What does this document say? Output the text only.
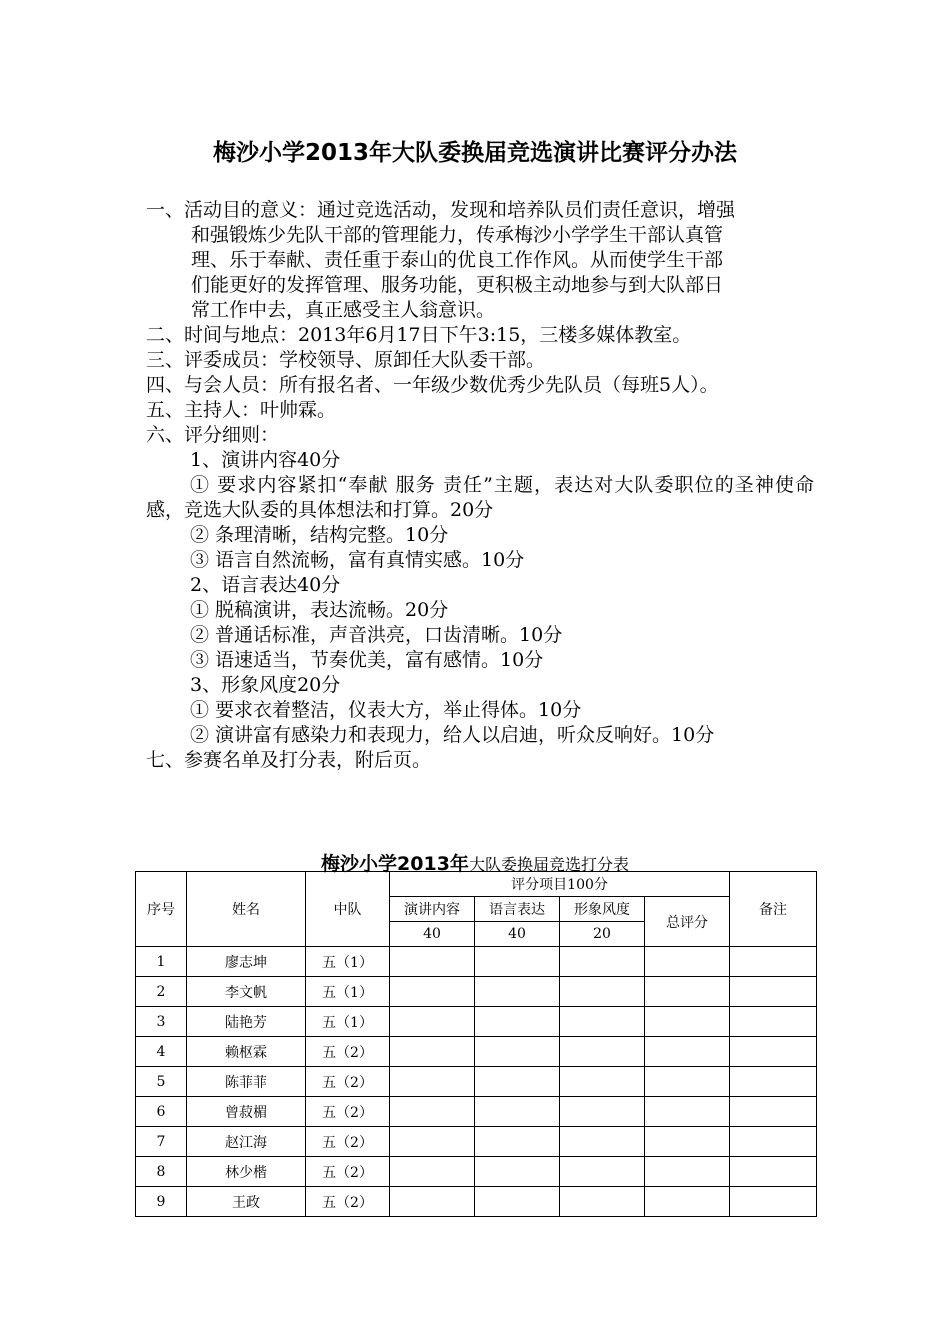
梅沙小学2013年大队委换届竞选演讲比赛评分办法
一、活动目的意义：通过竞选活动，发现和培养队员们责任意识，增强
和强锻炼少先队干部的管理能力，传承梅沙小学学生干部认真管
理、乐于奉献、责任重于泰山的优良工作作风。从而使学生干部
们能更好的发挥管理、服务功能，更积极主动地参与到大队部日
常工作中去，真正感受主人翁意识。
二、时间与地点：2013年6月17日下午3:15，三楼多媒体教室。
三、评委成员：学校领导、原卸任大队委干部。
四、与会人员：所有报名者、一年级少数优秀少先队员（每班5人）。
五、主持人：叶帅霖。
六、评分细则：
1、演讲内容40分
① 要求内容紧扣“奉献 服务 责任”主题，表达对大队委职位的圣神使命感，竞选大队委的具体想法和打算。20分
② 条理清晰，结构完整。10分
③ 语言自然流畅，富有真情实感。10分
2、语言表达40分
① 脱稿演讲，表达流畅。20分
② 普通话标准，声音洪亮，口齿清晰。10分
③ 语速适当，节奏优美，富有感情。10分
3、形象风度20分
① 要求衣着整洁，仪表大方，举止得体。10分
② 演讲富有感染力和表现力，给人以启迪，听众反响好。10分
七、参赛名单及打分表，附后页。
梅沙小学2013年大队委换届竞选打分表
序号	姓名	中队	评分项目100分				备注
			演讲内容	语言表达	形象风度	总评分	
			40	40	20		
1	廖志坤	五（1）					
2	李文帆	五（1）					
3	陆艳芳	五（1）					
4	赖枢霖	五（2）					
5	陈菲菲	五（2）					
6	曾菽楣	五（2）					
7	赵江海	五（2）					
8	林少楷	五（2）					
9	王政	五（2）					
